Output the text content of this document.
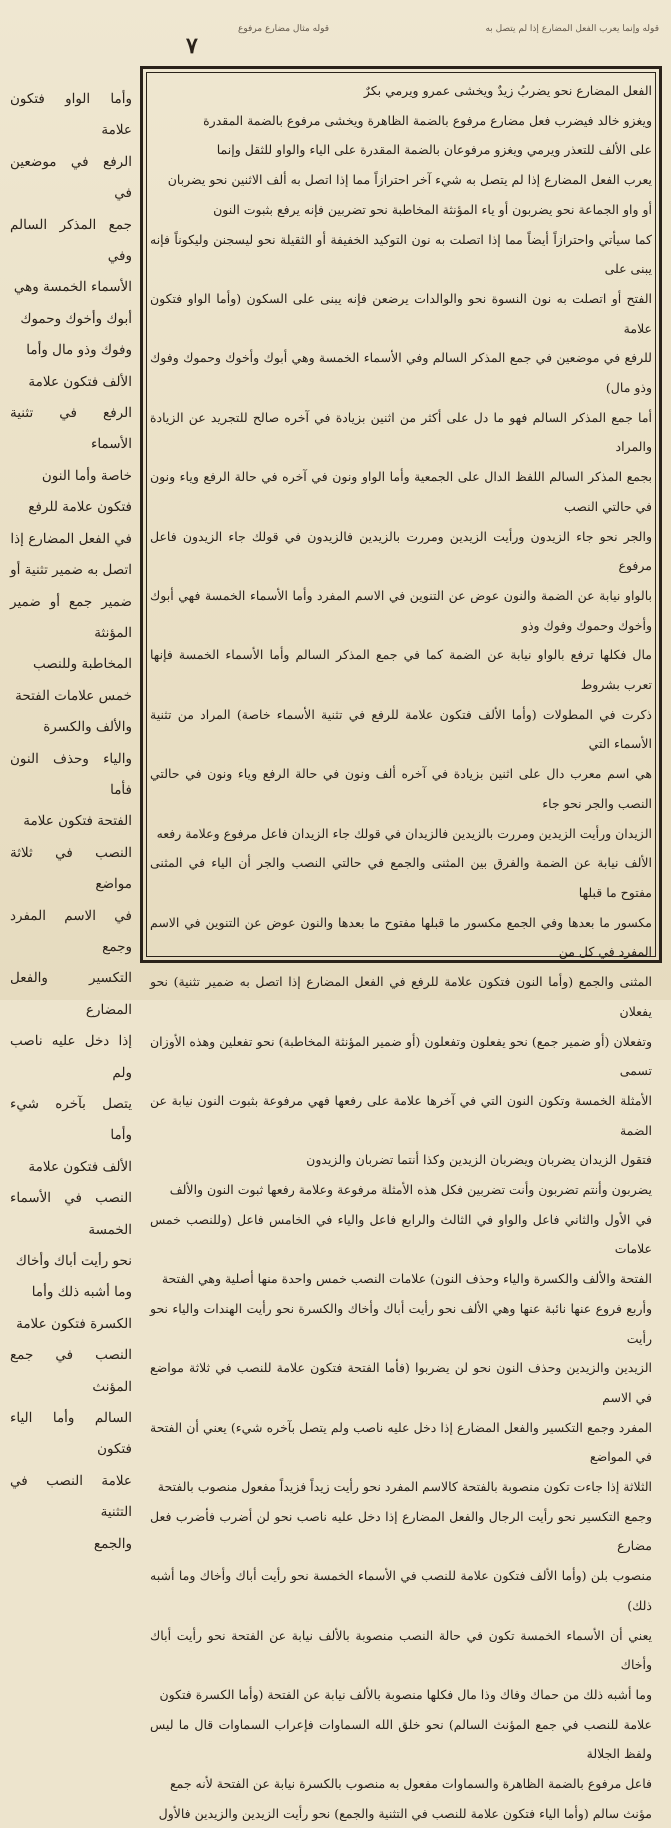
قوله وإنما يعرب الفعل المضارع إذا لم يتصل به
قوله مثال مضارع مرفوع
٧

الفعل المضارع نحو يضربُ زيدٌ ويخشى عمرو ويرمي بكرٌ

ويغزو خالد فيضرب فعل مضارع مرفوع بالضمة الظاهرة ويخشى مرفوع بالضمة المقدرة

على الألف للتعذر ويرمي ويغزو مرفوعان بالضمة المقدرة على الياء والواو للثقل وإنما

يعرب الفعل المضارع إذا لم يتصل به شيء آخر احترازاً مما إذا اتصل به ألف الاثنين نحو يضربان

أو واو الجماعة نحو يضربون أو ياء المؤنثة المخاطبة نحو تضربين فإنه يرفع بثبوت النون

كما سيأتي واحترازاً أيضاً مما إذا اتصلت به نون التوكيد الخفيفة أو الثقيلة نحو ليسجنن وليكوناً فإنه يبنى على

الفتح أو اتصلت به نون النسوة نحو والوالدات يرضعن فإنه يبنى على السكون (وأما الواو فتكون علامة

للرفع في موضعين في جمع المذكر السالم وفي الأسماء الخمسة وهي أبوك وأخوك وحموك وفوك وذو مال)

أما جمع المذكر السالم فهو ما دل على أكثر من اثنين بزيادة في آخره صالح للتجريد عن الزيادة والمراد

بجمع المذكر السالم اللفظ الدال على الجمعية وأما الواو ونون في آخره في حالة الرفع وياء ونون في حالتي النصب

والجر نحو جاء الزيدون ورأيت الزيدين ومررت بالزيدين فالزيدون في قولك جاء الزيدون فاعل مرفوع

بالواو نيابة عن الضمة والنون عوض عن التنوين في الاسم المفرد وأما الأسماء الخمسة فهي أبوك وأخوك وحموك وفوك وذو

مال فكلها ترفع بالواو نيابة عن الضمة كما في جمع المذكر السالم وأما الأسماء الخمسة فإنها تعرب بشروط

ذكرت في المطولات (وأما الألف فتكون علامة للرفع في تثنية الأسماء خاصة) المراد من تثنية الأسماء التي

هي اسم معرب دال على اثنين بزيادة في آخره ألف ونون في حالة الرفع وياء ونون في حالتي النصب والجر نحو جاء

الزيدان ورأيت الزيدين ومررت بالزيدين فالزيدان في قولك جاء الزيدان فاعل مرفوع وعلامة رفعه

الألف نيابة عن الضمة والفرق بين المثنى والجمع في حالتي النصب والجر أن الياء في المثنى مفتوح ما قبلها

مكسور ما بعدها وفي الجمع مكسور ما قبلها مفتوح ما بعدها والنون عوض عن التنوين في الاسم المفرد في كل من

المثنى والجمع (وأما النون فتكون علامة للرفع في الفعل المضارع إذا اتصل به ضمير تثنية) نحو يفعلان

وتفعلان (أو ضمير جمع) نحو يفعلون وتفعلون (أو ضمير المؤنثة المخاطبة) نحو تفعلين وهذه الأوزان تسمى

الأمثلة الخمسة وتكون النون التي في آخرها علامة على رفعها فهي مرفوعة بثبوت النون نيابة عن الضمة

فتقول الزيدان يضربان ويضربان الزيدين وكذا أنتما تضربان والزيدون

يضربون وأنتم تضربون وأنت تضربين فكل هذه الأمثلة مرفوعة وعلامة رفعها ثبوت النون والألف

في الأول والثاني فاعل والواو في الثالث والرابع فاعل والياء في الخامس فاعل (وللنصب خمس علامات

الفتحة والألف والكسرة والياء وحذف النون) علامات النصب خمس واحدة منها أصلية وهي الفتحة

وأربع فروع عنها نائبة عنها وهي الألف نحو رأيت أباك وأخاك والكسرة نحو رأيت الهندات والياء نحو رأيت

الزيدين والزيدين وحذف النون نحو لن يضربوا (فأما الفتحة فتكون علامة للنصب في ثلاثة مواضع في الاسم

المفرد وجمع التكسير والفعل المضارع إذا دخل عليه ناصب ولم يتصل بآخره شيء) يعني أن الفتحة في المواضع

الثلاثة إذا جاءت تكون منصوبة بالفتحة كالاسم المفرد نحو رأيت زيداً فزيداً مفعول منصوب بالفتحة

وجمع التكسير نحو رأيت الرجال والفعل المضارع إذا دخل عليه ناصب نحو لن أضرب فأضرب فعل مضارع

منصوب بلن (وأما الألف فتكون علامة للنصب في الأسماء الخمسة نحو رأيت أباك وأخاك وما أشبه ذلك)

يعني أن الأسماء الخمسة تكون في حالة النصب منصوبة بالألف نيابة عن الفتحة نحو رأيت أباك وأخاك

وما أشبه ذلك من حماك وفاك وذا مال فكلها منصوبة بالألف نيابة عن الفتحة (وأما الكسرة فتكون

علامة للنصب في جمع المؤنث السالم) نحو خلق الله السماوات فإعراب السماوات قال ما ليس ولفظ الجلالة

فاعل مرفوع بالضمة الظاهرة والسماوات مفعول به منصوب بالكسرة نيابة عن الفتحة لأنه جمع

مؤنث سالم (وأما الياء فتكون علامة للنصب في التثنية والجمع) نحو رأيت الزيدين والزيدين فالأول

وأما الواو فتكون علامة

الرفع في موضعين في

جمع المذكر السالم وفي

الأسماء الخمسة وهي

أبوك وأخوك وحموك

وفوك وذو مال وأما

الألف فتكون علامة

الرفع في تثنية الأسماء

خاصة وأما النون

فتكون علامة للرفع

في الفعل المضارع إذا

اتصل به ضمير تثنية أو

ضمير جمع أو ضمير المؤنثة

المخاطبة وللنصب

خمس علامات الفتحة

والألف والكسرة

والياء وحذف النون فأما

الفتحة فتكون علامة

النصب في ثلاثة مواضع

في الاسم المفرد وجمع

التكسير والفعل المضارع

إذا دخل عليه ناصب ولم

يتصل بآخره شيء وأما

الألف فتكون علامة

النصب في الأسماء الخمسة

نحو رأيت أباك وأخاك

وما أشبه ذلك وأما

الكسرة فتكون علامة

النصب في جمع المؤنث

السالم وأما الياء فتكون

علامة النصب في التثنية

والجمع
